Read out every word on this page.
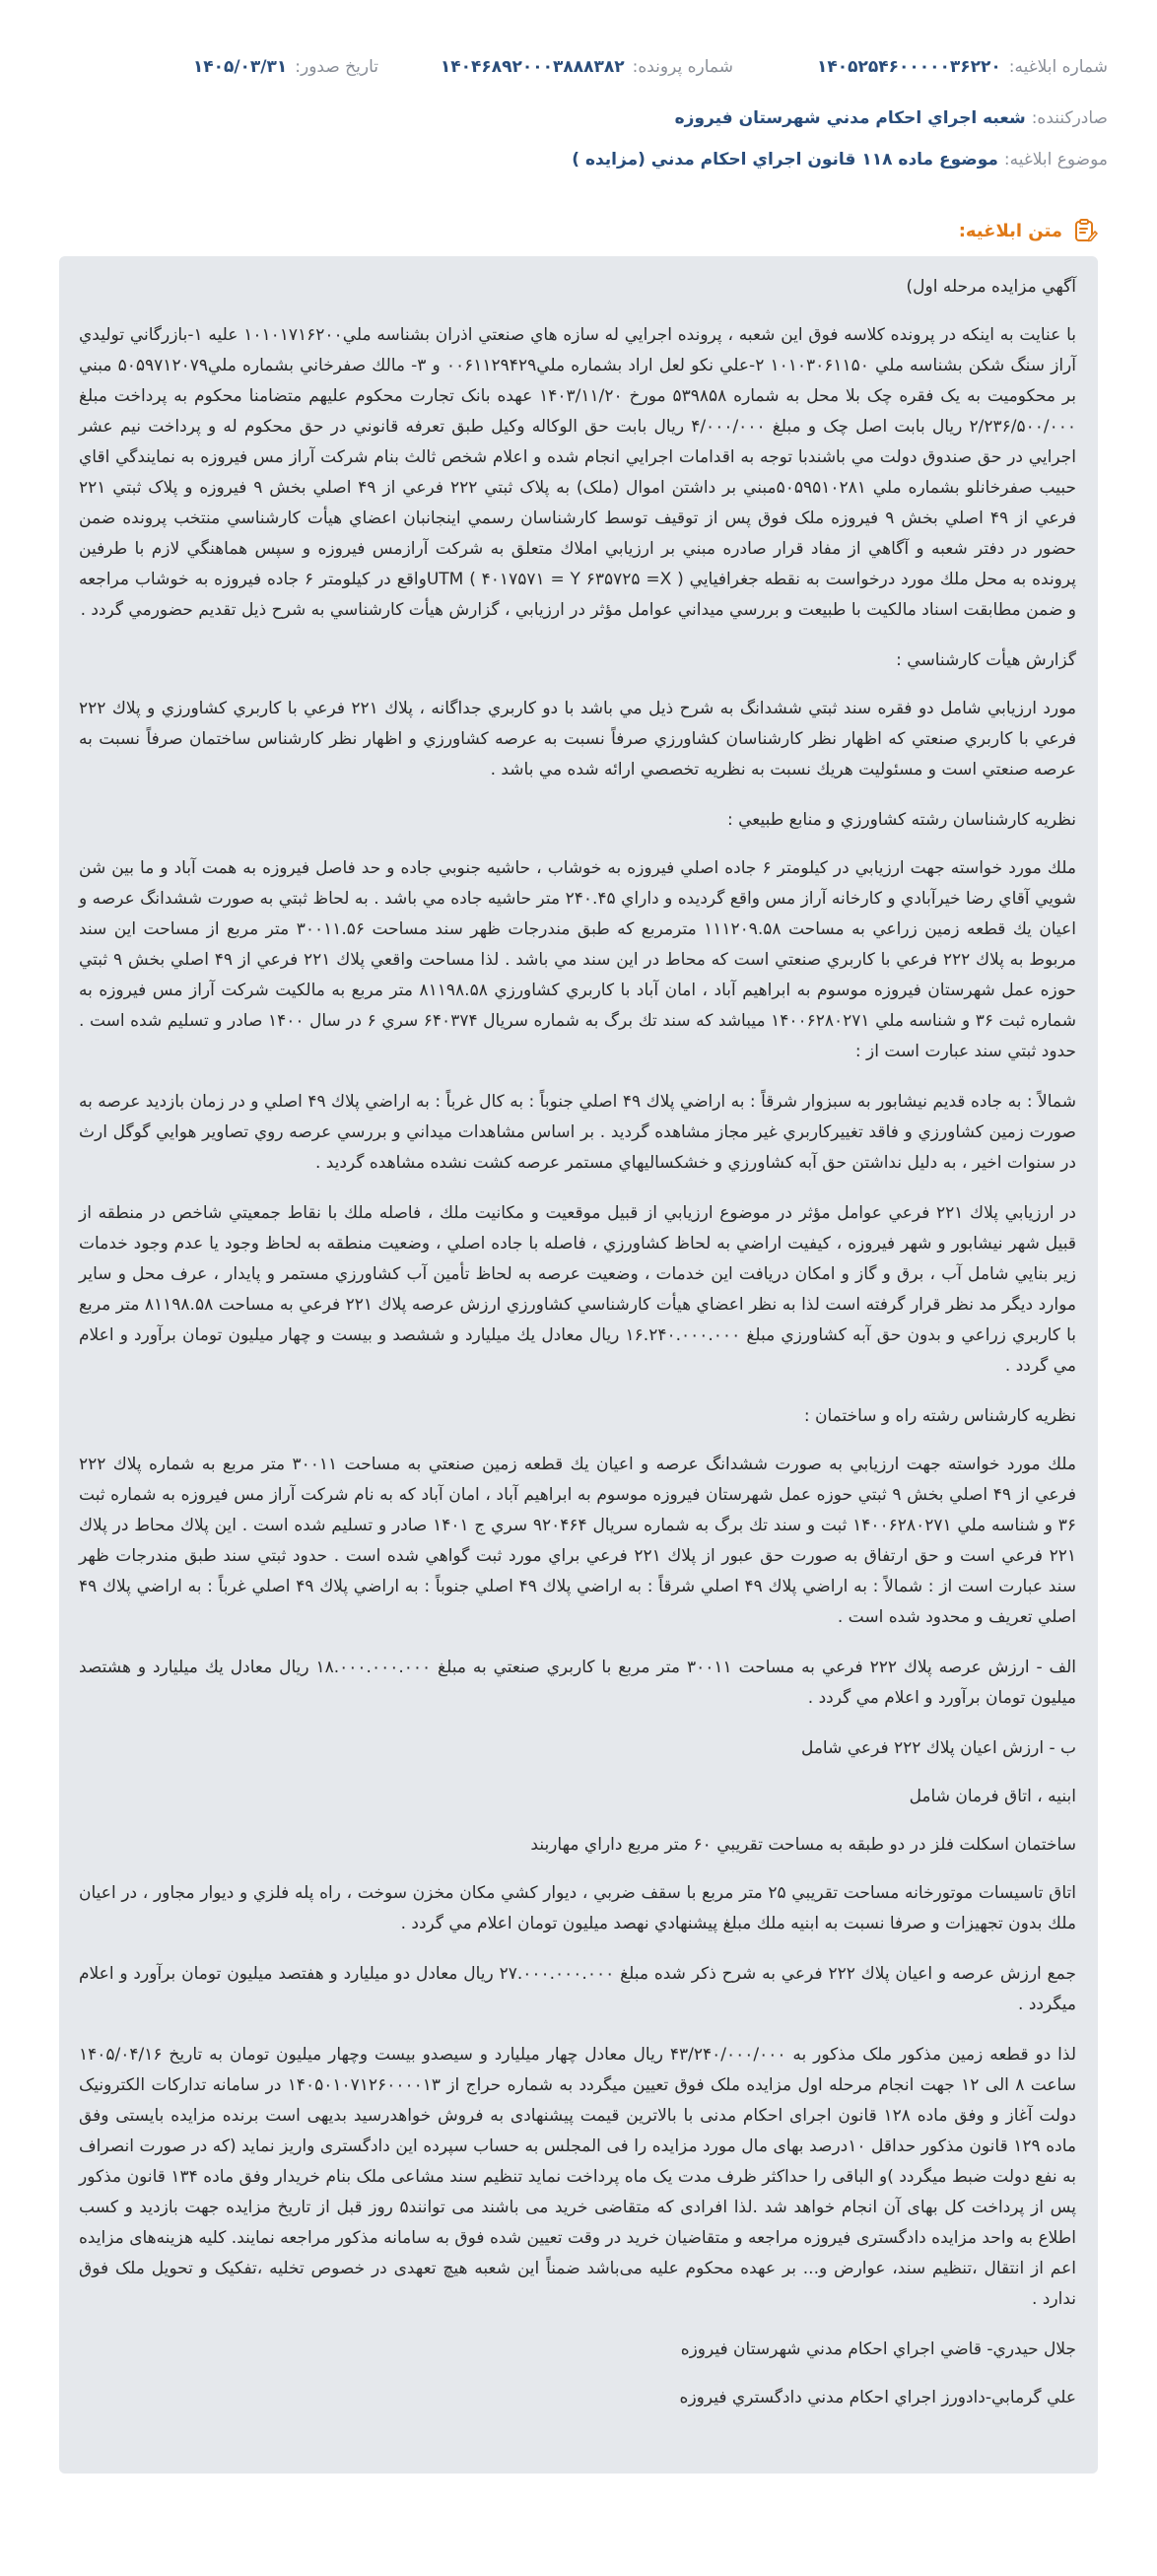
شماره ابلاغيه:
۱۴۰۵۲۵۴۶۰۰۰۰۰۳۶۲۲۰
شماره پرونده:
۱۴۰۴۶۸۹۲۰۰۰۳۸۸۸۳۸۲
تاريخ صدور:
۱۴۰۵/۰۳/۳۱
صادرکننده:
شعبه اجراي احكام مدني شهرستان فيروزه
موضوع ابلاغيه:
موضوع ماده ۱۱۸ قانون اجراي احكام مدني (مزايده )
متن ابلاغيه:

آگهي مزايده مرحله اول)

با عنايت به اينكه در پرونده كلاسه فوق اين شعبه ، پرونده اجرايي له سازه هاي صنعتي اذران بشناسه ملي۱۰۱۰۱۷۱۶۲۰۰ عليه ۱-بازرگاني توليدي آراز سنگ شكن بشناسه ملي ۱۰۱۰۳۰۶۱۱۵۰ ۲-علي نكو لعل اراد بشماره ملي۰۰۶۱۱۲۹۴۲۹ و ۳- مالك صفرخاني بشماره ملي۵۰۵۹۷۱۲۰۷۹ مبني بر محكوميت به يک فقره چک بلا محل به شماره ۵۳۹۸۵۸ مورخ ۱۴۰۳/۱۱/۲۰ عهده بانک تجارت محكوم عليهم متضامنا محكوم به پرداخت مبلغ ۲/۲۳۶/۵۰۰/۰۰۰ ريال بابت اصل چک و مبلغ ۴/۰۰۰/۰۰۰ ريال بابت حق الوكاله وكيل طبق تعرفه قانوني در حق محكوم له و پرداخت نيم عشر اجرايي در حق صندوق دولت مي باشندبا توجه به اقدامات اجرايي انجام شده و اعلام شخص ثالث بنام شركت آراز مس فيروزه به نمايندگي اقاي حبيب صفرخانلو بشماره ملي ۵۰۵۹۵۱۰۲۸۱مبني بر داشتن اموال (ملک) به پلاک ثبتي ۲۲۲ فرعي از ۴۹ اصلي بخش ۹ فيروزه و پلاک ثبتي ۲۲۱ فرعي از ۴۹ اصلي بخش ۹ فيروزه ملک فوق پس از توقيف توسط كارشناسان رسمي اينجانبان اعضاي هيأت كارشناسي منتخب پرونده ضمن حضور در دفتر شعبه و آگاهي از مفاد قرار صادره مبني بر ارزيابي املاك متعلق به شركت آرازمس فيروزه و سپس هماهنگي لازم با طرفين پرونده به محل ملك مورد درخواست به نقطه جغرافيايي UTM ( ۴۰۱۷۵۷۱ = Y ۶۳۵۷۲۵ =X )واقع در كيلومتر ۶ جاده فيروزه به خوشاب مراجعه و ضمن مطابقت اسناد مالكيت با طبيعت و بررسي ميداني عوامل مؤثر در ارزيابي ، گزارش هيأت كارشناسي به شرح ذيل تقديم حضورمي گردد .

گزارش هيأت كارشناسي :

مورد ارزيابي شامل دو فقره سند ثبتي ششدانگ به شرح ذيل مي باشد با دو كاربري جداگانه ، پلاك ۲۲۱ فرعي با كاربري كشاورزي و پلاك ۲۲۲ فرعي با كاربري صنعتي كه اظهار نظر كارشناسان كشاورزي صرفاً نسبت به عرصه كشاورزي و اظهار نظر كارشناس ساختمان صرفاً نسبت به عرصه صنعتي است و مسئوليت هريك نسبت به نظريه تخصصي ارائه شده مي باشد .

نظريه كارشناسان رشته كشاورزي و منابع طبيعي :

ملك مورد خواسته جهت ارزيابي در كيلومتر ۶ جاده اصلي فيروزه به خوشاب ، حاشيه جنوبي جاده و حد فاصل فيروزه به همت آباد و ما بين شن شويي آقاي رضا خيرآبادي و كارخانه آراز مس واقع گرديده و داراي ۲۴۰.۴۵ متر حاشيه جاده مي باشد . به لحاظ ثبتي به صورت ششدانگ عرصه و اعيان يك قطعه زمين زراعي به مساحت ۱۱۱۲۰۹.۵۸ مترمربع كه طبق مندرجات ظهر سند مساحت ۳۰۰۱۱.۵۶ متر مربع از مساحت اين سند مربوط به پلاك ۲۲۲ فرعي با كاربري صنعتي است كه محاط در اين سند مي باشد . لذا مساحت واقعي پلاك ۲۲۱ فرعي از ۴۹ اصلي بخش ۹ ثبتي حوزه عمل شهرستان فيروزه موسوم به ابراهيم آباد ، امان آباد با كاربري كشاورزي ۸۱۱۹۸.۵۸ متر مربع به مالكيت شركت آراز مس فيروزه به شماره ثبت ۳۶ و شناسه ملي ۱۴۰۰۶۲۸۰۲۷۱ ميباشد كه سند تك برگ به شماره سريال ۶۴۰۳۷۴ سري ۶ در سال ۱۴۰۰ صادر و تسليم شده است . حدود ثبتي سند عبارت است از :

شمالاً : به جاده قديم نيشابور به سبزوار شرقاً : به اراضي پلاك ۴۹ اصلي جنوباً : به كال غرباً : به اراضي پلاك ۴۹ اصلي و در زمان بازديد عرصه به صورت زمين كشاورزي و فاقد تغييركاربري غير مجاز مشاهده گرديد . بر اساس مشاهدات ميداني و بررسي عرصه روي تصاوير هوايي گوگل ارث در سنوات اخير ، به دليل نداشتن حق آبه كشاورزي و خشكساليهاي مستمر عرصه كشت نشده مشاهده گرديد .

در ارزيابي پلاك ۲۲۱ فرعي عوامل مؤثر در موضوع ارزيابي از قبيل موقعيت و مكانيت ملك ، فاصله ملك با نقاط جمعيتي شاخص در منطقه از قبيل شهر نيشابور و شهر فيروزه ، كيفيت اراضي به لحاظ كشاورزي ، فاصله با جاده اصلي ، وضعيت منطقه به لحاظ وجود يا عدم وجود خدمات زير بنايي شامل آب ، برق و گاز و امكان دريافت اين خدمات ، وضعيت عرصه به لحاظ تأمين آب كشاورزي مستمر و پايدار ، عرف محل و ساير موارد ديگر مد نظر قرار گرفته است لذا به نظر اعضاي هيأت كارشناسي كشاورزي ارزش عرصه پلاك ۲۲۱ فرعي به مساحت ۸۱۱۹۸.۵۸ متر مربع با كاربري زراعي و بدون حق آبه كشاورزي مبلغ ۱۶.۲۴۰.۰۰۰.۰۰۰ ريال معادل يك ميليارد و ششصد و بيست و چهار ميليون تومان برآورد و اعلام مي گردد .

نظريه كارشناس رشته راه و ساختمان :

ملك مورد خواسته جهت ارزيابي به صورت ششدانگ عرصه و اعيان يك قطعه زمين صنعتي به مساحت ۳۰۰۱۱ متر مربع به شماره پلاك ۲۲۲ فرعي از ۴۹ اصلي بخش ۹ ثبتي حوزه عمل شهرستان فيروزه موسوم به ابراهيم آباد ، امان آباد كه به نام شركت آراز مس فيروزه به شماره ثبت ۳۶ و شناسه ملي ۱۴۰۰۶۲۸۰۲۷۱ ثبت و سند تك برگ به شماره سريال ۹۲۰۴۶۴ سري ج ۱۴۰۱ صادر و تسليم شده است . اين پلاك محاط در پلاك ۲۲۱ فرعي است و حق ارتفاق به صورت حق عبور از پلاك ۲۲۱ فرعي براي مورد ثبت گواهي شده است . حدود ثبتي سند طبق مندرجات ظهر سند عبارت است از : شمالاً : به اراضي پلاك ۴۹ اصلي شرقاً : به اراضي پلاك ۴۹ اصلي جنوباً : به اراضي پلاك ۴۹ اصلي غرباً : به اراضي پلاك ۴۹ اصلي تعريف و محدود شده است .

الف - ارزش عرصه پلاك ۲۲۲ فرعي به مساحت ۳۰۰۱۱ متر مربع با كاربري صنعتي به مبلغ ۱۸.۰۰۰.۰۰۰.۰۰۰ ريال معادل يك ميليارد و هشتصد ميليون تومان برآورد و اعلام مي گردد .

ب - ارزش اعيان پلاك ۲۲۲ فرعي شامل

ابنيه ، اتاق فرمان شامل

ساختمان اسكلت فلز در دو طبقه به مساحت تقريبي ۶۰ متر مربع داراي مهاربند

اتاق تاسيسات موتورخانه مساحت تقريبي ۲۵ متر مربع با سقف ضربي ، ديوار كشي مكان مخزن سوخت ، راه پله فلزي و ديوار مجاور ، در اعيان ملك بدون تجهيزات و صرفا نسبت به ابنيه ملك مبلغ پيشنهادي نهصد ميليون تومان اعلام مي گردد .

جمع ارزش عرصه و اعيان پلاك ۲۲۲ فرعي به شرح ذكر شده مبلغ ۲۷.۰۰۰.۰۰۰.۰۰۰ ريال معادل دو ميليارد و هفتصد ميليون تومان برآورد و اعلام ميگردد .

لذا دو قطعه زمين مذكور ملک مذكور به ۴۳/۲۴۰/۰۰۰/۰۰۰ ريال معادل چهار ميليارد و سيصدو بيست وچهار ميليون تومان به تاريخ ۱۴۰۵/۰۴/۱۶ ساعت ۸ الی ۱۲ جهت انجام مرحله اول مزایده ملک فوق تعیین میگردد به شماره حراج از ۱۴۰۵۰۱۰۷۱۲۶۰۰۰۰۱۳ در سامانه تدارکات الکترونیک دولت آغاز و وفق ماده ۱۲۸ قانون اجرای احکام مدنی با بالاترین قیمت پیشنهادی به فروش خواهدرسید بدیهی است برنده مزایده بایستی وفق ماده ۱۲۹ قانون مذکور حداقل ۱۰درصد بهای مال مورد مزایده را فی المجلس به حساب سپرده این دادگستری واریز نماید (که در صورت انصراف به نفع دولت ضبط میگردد )و الباقی را حداکثر ظرف مدت یک ماه پرداخت نماید تنظیم سند مشاعی ملک بنام خریدار وفق ماده ۱۳۴ قانون مذکور پس از پرداخت کل بهای آن انجام خواهد شد .لذا افرادی که متقاضی خرید می باشند می توانند۵ روز قبل از تاریخ مزایده جهت بازدید و کسب اطلاع به واحد مزایده دادگستری فیروزه مراجعه و متقاضیان خرید در وقت تعیین شده فوق به سامانه مذکور مراجعه نمایند. کلیه هزینه‌های مزایده اعم از انتقال ،تنظیم سند، عوارض و... بر عهده محکوم علیه می‌باشد ضمناً این شعبه هیچ تعهدی در خصوص تخلیه ،تفکیک و تحویل ملک فوق ندارد .

جلال حيدري- قاضي اجراي احكام مدني شهرستان فيروزه

علي گرمابي-دادورز اجراي احكام مدني دادگستري فيروزه
